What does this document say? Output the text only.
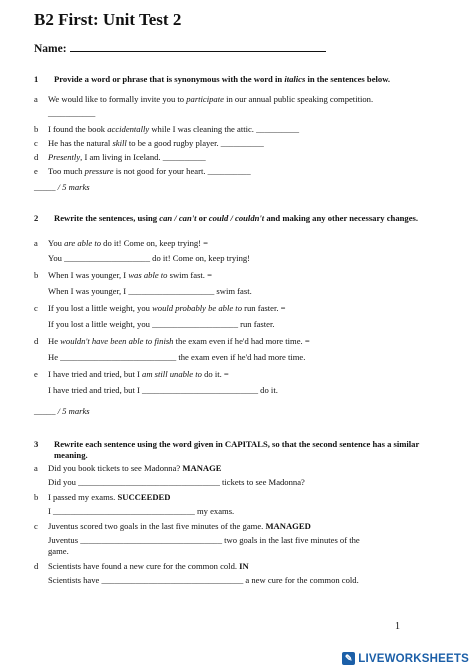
B2 First: Unit Test 2
Name:
1 Provide a word or phrase that is synonymous with the word in italics in the sentences below.
a We would like to formally invite you to participate in our annual public speaking competition.
___________
b I found the book accidentally while I was cleaning the attic. __________
c He has the natural skill to be a good rugby player. __________
d Presently, I am living in Iceland. __________
e Too much pressure is not good for your heart. __________
_____ / 5 marks
2 Rewrite the sentences, using can / can't or could / couldn't and making any other necessary changes.
a You are able to do it! Come on, keep trying! =
You ____________________ do it! Come on, keep trying!
b When I was younger, I was able to swim fast. =
When I was younger, I ____________________ swim fast.
c If you lost a little weight, you would probably be able to run faster. =
If you lost a little weight, you ____________________ run faster.
d He wouldn't have been able to finish the exam even if he'd had more time. =
He ___________________________ the exam even if he'd had more time.
e I have tried and tried, but I am still unable to do it. =
I have tried and tried, but I ___________________________ do it.
_____ / 5 marks
3 Rewrite each sentence using the word given in CAPITALS, so that the second sentence has a similar meaning.
a Did you book tickets to see Madonna? MANAGE
Did you _________________________________ tickets to see Madonna?
b I passed my exams. SUCCEEDED
I _________________________________ my exams.
c Juventus scored two goals in the last five minutes of the game. MANAGED
Juventus _________________________________ two goals in the last five minutes of the
game.
d Scientists have found a new cure for the common cold. IN
Scientists have _________________________________ a new cure for the common cold.
1
✎ LIVEWORKSHEETS
